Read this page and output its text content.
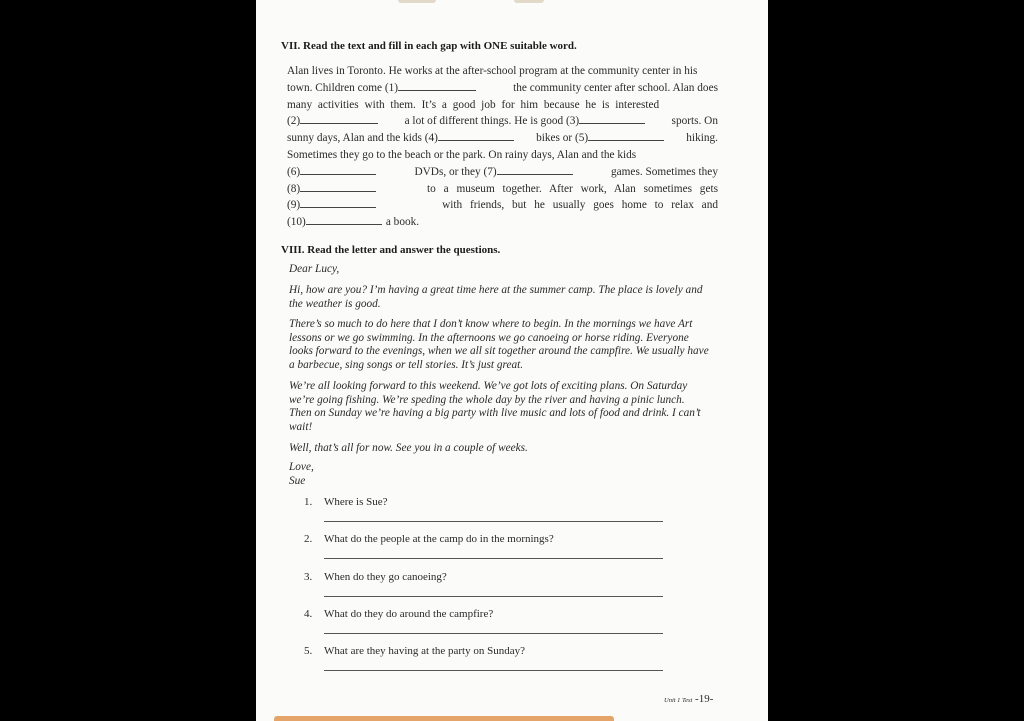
VII. Read the text and fill in each gap with ONE suitable word.
Alan lives in Toronto. He works at the after-school program at the community center in his
town. Children come (1)	the community center after school. Alan does
many activities with them. It’s a good job for him because he is interested
(2)	a lot of different things. He is good (3)	sports. On
sunny days, Alan and the kids (4)	bikes or (5)	hiking.
Sometimes they go to the beach or the park. On rainy days, Alan and the kids
(6)	DVDs, or they (7)	games. Sometimes they
(8)	to a museum together. After work, Alan sometimes gets
(9)	with friends, but he usually goes home to relax and
(10)	a book.
VIII. Read the letter and answer the questions.
Dear Lucy,

Hi, how are you? I’m having a great time here at the summer camp. The place is lovely and the weather is good.

There’s so much to do here that I don’t know where to begin. In the mornings we have Art lessons or we go swimming. In the afternoons we go canoeing or horse riding. Everyone looks forward to the evenings, when we all sit together around the campfire. We usually have a barbecue, sing songs or tell stories. It’s just great.

We’re all looking forward to this weekend. We’ve got lots of exciting plans. On Saturday we’re going fishing. We’re speding the whole day by the river and having a pinic lunch. Then on Sunday we’re having a big party with live music and lots of food and drink. I can’t wait!

Well, that’s all for now. See you in a couple of weeks.

Love,
Sue
1. Where is Sue?
2. What do the people at the camp do in the mornings?
3. When do they go canoeing?
4. What do they do around the campfire?
5. What are they having at the party on Sunday?
Unit 1 Test -19-
